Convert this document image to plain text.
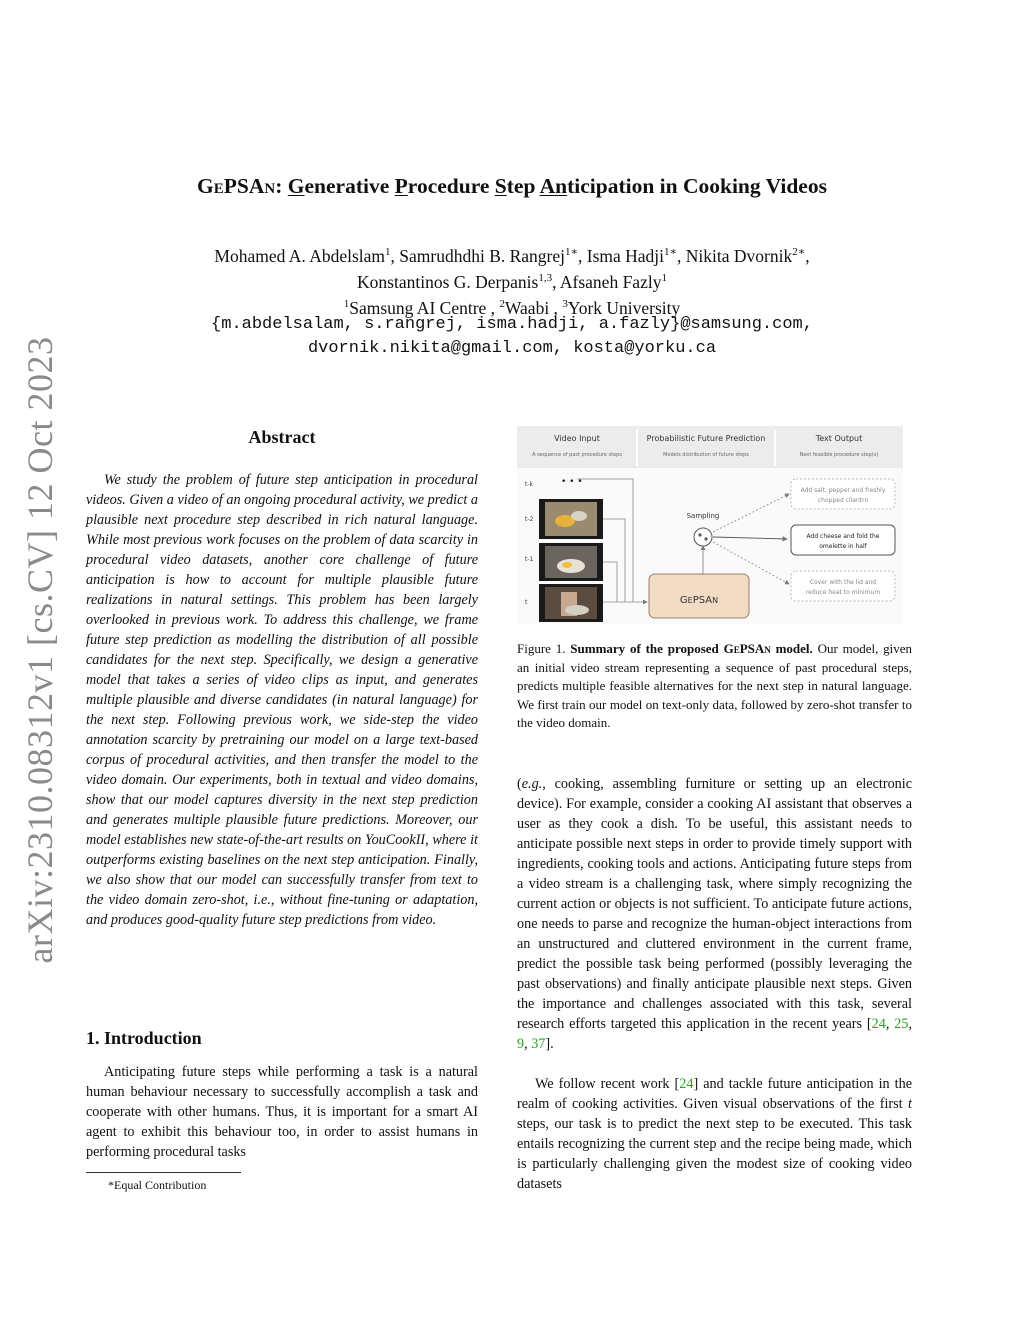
arXiv:2310.08312v1 [cs.CV] 12 Oct 2023
GePSAn: Generative Procedure Step Anticipation in Cooking Videos
Mohamed A. Abdelslam$^1$, Samrudhdhi B. Rangrej$^{1∗}$, Isma Hadji$^{1∗}$, Nikita Dvornik$^{2∗}$,
Konstantinos G. Derpanis$^{1,3}$, Afsaneh Fazly$^1$
$^1$Samsung AI Centre , $^2$Waabi , $^3$York University
{m.abdelsalam, s.rangrej, isma.hadji, a.fazly}@samsung.com,
dvornik.nikita@gmail.com, kosta@yorku.ca
Abstract

We study the problem of future step anticipation in procedural videos. Given a video of an ongoing procedural activity, we predict a plausible next procedure step described in rich natural language. While most previous work focuses on the problem of data scarcity in procedural video datasets, another core challenge of future anticipation is how to account for multiple plausible future realizations in natural settings. This problem has been largely overlooked in previous work. To address this challenge, we frame future step prediction as modelling the distribution of all possible candidates for the next step. Specifically, we design a generative model that takes a series of video clips as input, and generates multiple plausible and diverse candidates (in natural language) for the next step. Following previous work, we side-step the video annotation scarcity by pretraining our model on a large text-based corpus of procedural activities, and then transfer the model to the video domain. Our experiments, both in textual and video domains, show that our model captures diversity in the next step prediction and generates multiple plausible future predictions. Moreover, our model establishes new state-of-the-art results on YouCookII, where it outperforms existing baselines on the next step anticipation. Finally, we also show that our model can successfully transfer from text to the video domain zero-shot, i.e., without fine-tuning or adaptation, and produces good-quality future step predictions from video.

1. Introduction

Anticipating future steps while performing a task is a natural human behaviour necessary to successfully accomplish a task and cooperate with other humans. Thus, it is important for a smart AI agent to exhibit this behaviour too, in order to assist humans in performing procedural tasks

*Equal Contribution
Video Input
A sequence of past procedure steps
Probabilistic Future Prediction
Models distribution of future steps
Text Output
Next feasible procedure step(s)
t-k	• • •
t-2
t-1
t
Sampling
GEPSAN
Add salt, pepper and freshly
chopped cilantro
Add cheese and fold the
omelette in half
Cover with the lid and
reduce heat to minimum

Figure 1. Summary of the proposed GePSAn model. Our model, given an initial video stream representing a sequence of past procedural steps, predicts multiple feasible alternatives for the next step in natural language. We first train our model on text-only data, followed by zero-shot transfer to the video domain.

(e.g., cooking, assembling furniture or setting up an electronic device). For example, consider a cooking AI assistant that observes a user as they cook a dish. To be useful, this assistant needs to anticipate possible next steps in order to provide timely support with ingredients, cooking tools and actions. Anticipating future steps from a video stream is a challenging task, where simply recognizing the current action or objects is not sufficient. To anticipate future actions, one needs to parse and recognize the human-object interactions from an unstructured and cluttered environment in the current frame, predict the possible task being performed (possibly leveraging the past observations) and finally anticipate plausible next steps. Given the importance and challenges associated with this task, several research efforts targeted this application in the recent years [24, 25, 9, 37].

We follow recent work [24] and tackle future anticipation in the realm of cooking activities. Given visual observations of the first t steps, our task is to predict the next step to be executed. This task entails recognizing the current step and the recipe being made, which is particularly challenging given the modest size of cooking video datasets
